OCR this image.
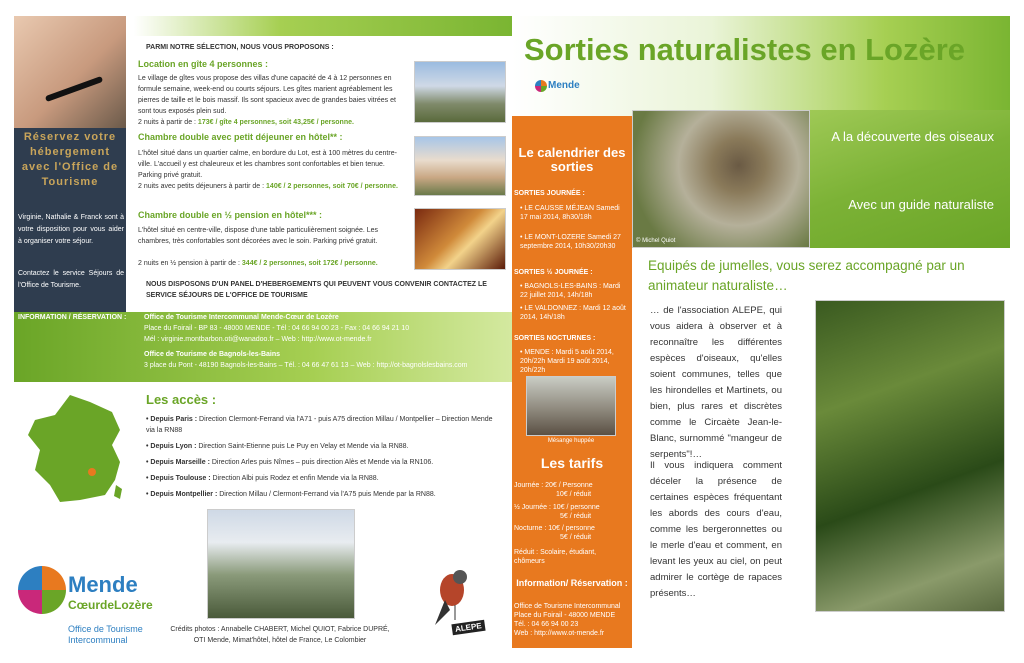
Réservez votre hébergement avec l'Office de Tourisme
Virginie, Nathalie & Franck sont à votre disposition pour vous aider à organiser votre séjour.
Contactez le service Séjours de l'Office de Tourisme.
PARMI NOTRE SÉLECTION, NOUS VOUS PROPOSONS :
Location en gîte 4 personnes :
Le village de gîtes vous propose des villas d'une capacité de 4 à 12 personnes en formule semaine, week-end ou courts séjours. Les gîtes marient agréablement les pierres de taille et le bois massif. Ils sont spacieux avec de grandes baies vitrées et sont tous exposés plein sud.
2 nuits à partir de : 173€ / gîte 4 personnes, soit 43,25€ / personne.
Chambre double avec petit déjeuner en hôtel** :
L'hôtel situé dans un quartier calme, en bordure du Lot, est à 100 mètres du centre-ville. L'accueil y est chaleureux et les chambres sont confortables et bien tenue. Parking privé gratuit.
2 nuits avec petits déjeuners à partir de : 140€ / 2 personnes, soit 70€ / personne.
Chambre double en ½ pension en hôtel*** :
L'hôtel situé en centre-ville, dispose d'une table particulièrement soignée. Les chambres, très confortables sont décorées avec le soin. Parking privé gratuit.

2 nuits en ½ pension à partir de : 344€ / 2 personnes, soit 172€ / personne.
NOUS DISPOSONS D'UN PANEL D'HEBERGEMENTS QUI PEUVENT VOUS CONVENIR CONTACTEZ LE SERVICE SÉJOURS DE L'OFFICE DE TOURISME
INFORMATION / RÉSERVATION :	Office de Tourisme Intercommunal Mende-Cœur de Lozère
Place du Foirail - BP 83 - 48000 MENDE - Tél : 04 66 94 00 23 - Fax : 04 66 94 21 10
Mél : virginie.montbarbon.oti@wanadoo.fr – Web : http://www.ot-mende.fr
Office de Tourisme de Bagnols-les-Bains
3 place du Pont - 48190 Bagnols-les-Bains – Tél. : 04 66 47 61 13 – Web : http://ot-bagnolslesbains.com
Les accès :
• Depuis Paris : Direction Clermont-Ferrand via l'A71 - puis A75 direction Millau / Montpellier – Direction Mende via la RN88
• Depuis Lyon : Direction Saint-Etienne puis Le Puy en Velay et Mende via la RN88.
• Depuis Marseille : Direction Arles puis Nîmes – puis direction Alès et Mende via la RN106.
• Depuis Toulouse : Direction Albi puis Rodez et enfin Mende via la RN88.
• Depuis Montpellier : Direction Millau / Clermont-Ferrand via l'A75 puis Mende par la RN88.
Mende
CœurdeLozère
Office de Tourisme
Intercommunal
Crédits photos : Annabelle CHABERT, Michel QUIOT, Fabrice DUPRÉ, OTI Mende, Mimat'hôtel, hôtel de France, Le Colombier
ALEPE
Le calendrier des sorties
SORTIES JOURNÉE :
• LE CAUSSE MÉJEAN Samedi 17 mai 2014, 8h30/18h
• LE MONT-LOZERE Samedi 27 septembre 2014, 10h30/20h30
SORTIES ½ JOURNÉE :
• BAGNOLS-LES-BAINS : Mardi 22 juillet 2014, 14h/18h
• LE VALDONNEZ : Mardi 12 août 2014, 14h/18h
SORTIES NOCTURNES :
• MENDE : Mardi 5 août 2014, 20h/22h Mardi 19 août 2014, 20h/22h
Mésange huppée
Les tarifs
Journée : 20€ / Personne
10€ / réduit
½ Journée : 10€ / personne
5€ / réduit
Nocturne : 10€ / personne
5€ / réduit
Réduit : Scolaire, étudiant, chômeurs
Information/ Réservation :
Office de Tourisme Intercommunal
Place du Foirail - 48000 MENDE
Tél. : 04 66 94 00 23
Web : http://www.ot-mende.fr
Sorties naturalistes en Lozère
Mende
© Michel Quiot
A la découverte des oiseaux
Avec un guide naturaliste
Equipés de jumelles, vous serez accompagné par un animateur naturaliste…
… de l'association ALEPE, qui vous aidera à observer et à reconnaître les différentes espèces d'oiseaux, qu'elles soient communes, telles que les hirondelles et Martinets, ou bien, plus rares et discrètes comme le Circaète Jean-le-Blanc, surnommé "mangeur de serpents"!…
Il vous indiquera comment déceler la présence de certaines espèces fréquentant les abords des cours d'eau, comme les bergeronnettes ou le merle d'eau et comment, en levant les yeux au ciel, on peut admirer le cortège de rapaces présents…
